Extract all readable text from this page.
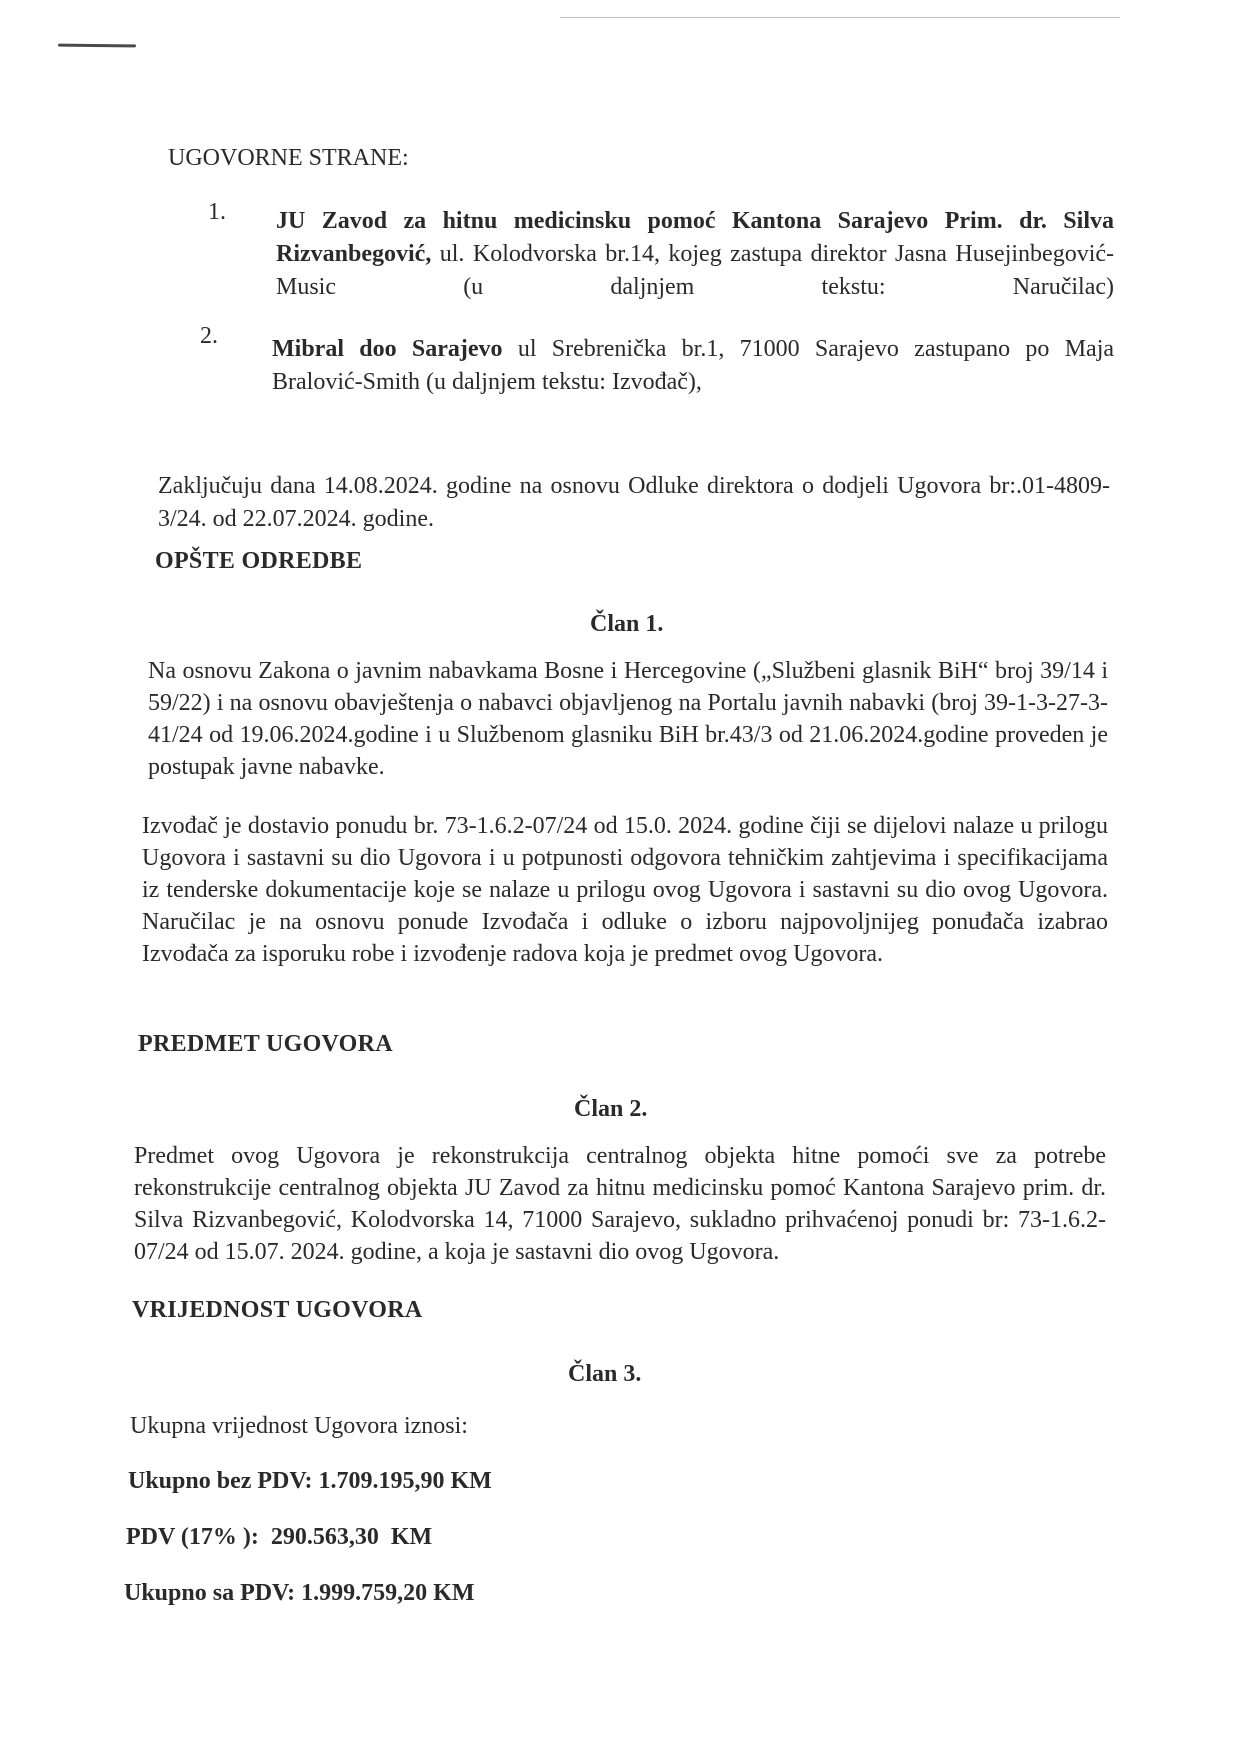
UGOVORNE STRANE:
1. JU Zavod za hitnu medicinsku pomoć Kantona Sarajevo Prim. dr. Silva Rizvanbegović, ul. Kolodvorska br.14, kojeg zastupa direktor Jasna Husejinbegović-Music (u daljnjem tekstu: Naručilac)
2. Mibral doo Sarajevo ul Srebrenička br.1, 71000 Sarajevo zastupano po Maja Bralović-Smith (u daljnjem tekstu: Izvođač),
Zaključuju dana 14.08.2024. godine na osnovu Odluke direktora o dodjeli Ugovora br:.01-4809-3/24. od 22.07.2024. godine.
OPŠTE ODREDBE
Član 1.
Na osnovu Zakona o javnim nabavkama Bosne i Hercegovine („Službeni glasnik BiH“ broj 39/14 i 59/22) i na osnovu obavještenja o nabavci objavljenog na Portalu javnih nabavki (broj 39-1-3-27-3-41/24 od 19.06.2024.godine i u Službenom glasniku BiH br.43/3 od 21.06.2024.godine proveden je postupak javne nabavke.
Izvođač je dostavio ponudu br. 73-1.6.2-07/24 od 15.0. 2024. godine čiji se dijelovi nalaze u prilogu Ugovora i sastavni su dio Ugovora i u potpunosti odgovora tehničkim zahtjevima i specifikacijama iz tenderske dokumentacije koje se nalaze u prilogu ovog Ugovora i sastavni su dio ovog Ugovora. Naručilac je na osnovu ponude Izvođača i odluke o izboru najpovoljnijeg ponuđača izabrao Izvođača za isporuku robe i izvođenje radova koja je predmet ovog Ugovora.
PREDMET UGOVORA
Član 2.
Predmet ovog Ugovora je rekonstrukcija centralnog objekta hitne pomoći sve za potrebe rekonstrukcije centralnog objekta JU Zavod za hitnu medicinsku pomoć Kantona Sarajevo prim. dr. Silva Rizvanbegović, Kolodvorska 14, 71000 Sarajevo, sukladno prihvaćenoj ponudi br: 73-1.6.2-07/24 od 15.07. 2024. godine, a koja je sastavni dio ovog Ugovora.
VRIJEDNOST UGOVORA
Član 3.
Ukupna vrijednost Ugovora iznosi:
Ukupno bez PDV: 1.709.195,90 KM
PDV (17% ):  290.563,30  KM
Ukupno sa PDV: 1.999.759,20 KM
